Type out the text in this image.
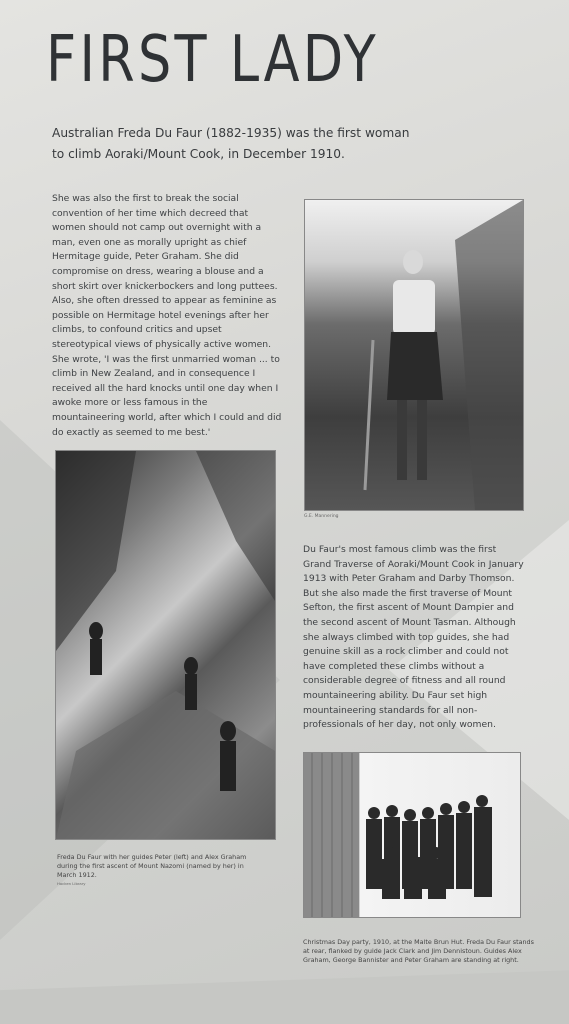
FIRST LADY
Australian Freda Du Faur (1882-1935) was the first woman to climb Aoraki/Mount Cook, in December 1910.
She was also the first to break the social convention of her time which decreed that women should not camp out overnight with a man, even one as morally upright as chief Hermitage guide, Peter Graham. She did compromise on dress, wearing a blouse and a short skirt over knickerbockers and long puttees. Also, she often dressed to appear as feminine as possible on Hermitage hotel evenings after her climbs, to confound critics and upset stereotypical views of physically active women. She wrote, 'I was the first unmarried woman ... to climb in New Zealand, and in consequence I received all the hard knocks until one day when I awoke more or less famous in the mountaineering world, after which I could and did do exactly as seemed to me best.'
G.E. Mannering
Freda Du Faur with her guides Peter (left) and Alex Graham during the first ascent of Mount Nazomi (named by her) in March 1912.
Hocken Library
Du Faur's most famous climb was the first Grand Traverse of Aoraki/Mount Cook in January 1913 with Peter Graham and Darby Thomson. But she also made the first traverse of Mount Sefton, the first ascent of Mount Dampier and the second ascent of Mount Tasman. Although she always climbed with top guides, she had genuine skill as a rock climber and could not have completed these climbs without a considerable degree of fitness and all round mountaineering ability. Du Faur set high mountaineering standards for all non-professionals of her day, not only women.
Christmas Day party, 1910, at the Malte Brun Hut. Freda Du Faur stands at rear, flanked by guide Jack Clark and Jim Dennistoun. Guides Alex Graham, George Bannister and Peter Graham are standing at right.
